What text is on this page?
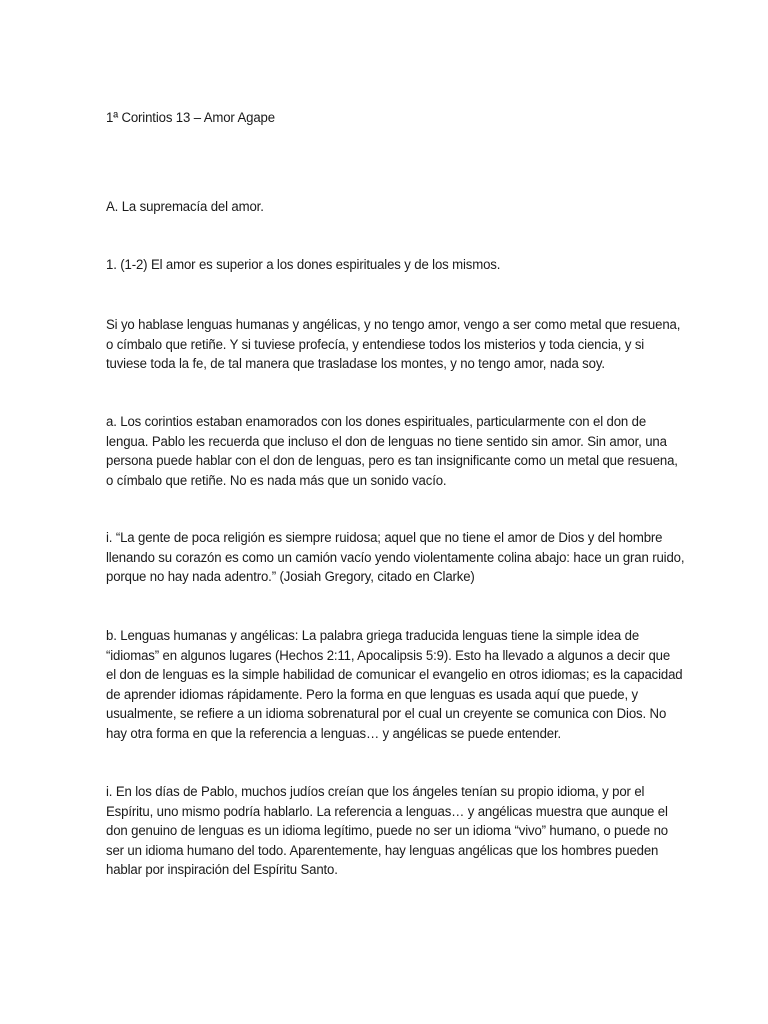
1ª Corintios 13 – Amor Agape
A. La supremacía del amor.
1. (1-2) El amor es superior a los dones espirituales y de los mismos.
Si yo hablase lenguas humanas y angélicas, y no tengo amor, vengo a ser como metal que resuena,
o címbalo que retiñe. Y si tuviese profecía, y entendiese todos los misterios y toda ciencia, y si
tuviese toda la fe, de tal manera que trasladase los montes, y no tengo amor, nada soy.
a. Los corintios estaban enamorados con los dones espirituales, particularmente con el don de
lengua. Pablo les recuerda que incluso el don de lenguas no tiene sentido sin amor. Sin amor, una
persona puede hablar con el don de lenguas, pero es tan insignificante como un metal que resuena,
o címbalo que retiñe. No es nada más que un sonido vacío.
i. “La gente de poca religión es siempre ruidosa; aquel que no tiene el amor de Dios y del hombre
llenando su corazón es como un camión vacío yendo violentamente colina abajo: hace un gran ruido,
porque no hay nada adentro.” (Josiah Gregory, citado en Clarke)
b. Lenguas humanas y angélicas: La palabra griega traducida lenguas tiene la simple idea de
“idiomas” en algunos lugares (Hechos 2:11, Apocalipsis 5:9). Esto ha llevado a algunos a decir que
el don de lenguas es la simple habilidad de comunicar el evangelio en otros idiomas; es la capacidad
de aprender idiomas rápidamente. Pero la forma en que lenguas es usada aquí que puede, y
usualmente, se refiere a un idioma sobrenatural por el cual un creyente se comunica con Dios. No
hay otra forma en que la referencia a lenguas… y angélicas se puede entender.
i. En los días de Pablo, muchos judíos creían que los ángeles tenían su propio idioma, y por el
Espíritu, uno mismo podría hablarlo. La referencia a lenguas… y angélicas muestra que aunque el
don genuino de lenguas es un idioma legítimo, puede no ser un idioma “vivo” humano, o puede no
ser un idioma humano del todo. Aparentemente, hay lenguas angélicas que los hombres pueden
hablar por inspiración del Espíritu Santo.
